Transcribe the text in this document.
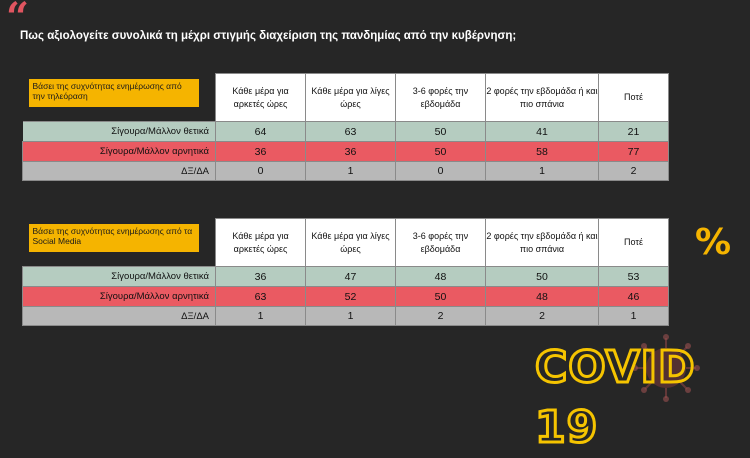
“
Πως αξιολογείτε συνολικά τη μέχρι στιγμής διαχείριση της πανδημίας από την κυβέρνηση;
Βάσει της συχνότητας ενημέρωσης από την τηλεόραση	Κάθε μέρα για αρκετές ώρες	Κάθε μέρα για λίγες ώρες	3-6 φορές την εβδομάδα	2 φορές την εβδομάδα ή και πιο σπάνια	Ποτέ
Σίγουρα/Μάλλον θετικά	64	63	50	41	21
Σίγουρα/Μάλλον αρνητικά	36	36	50	58	77
ΔΞ/ΔΑ	0	1	0	1	2
Βάσει της συχνότητας ενημέρωσης από τα Social Media	Κάθε μέρα για αρκετές ώρες	Κάθε μέρα για λίγες ώρες	3-6 φορές την εβδομάδα	2 φορές την εβδομάδα ή και πιο σπάνια	Ποτέ
Σίγουρα/Μάλλον θετικά	36	47	48	50	53
Σίγουρα/Μάλλον αρνητικά	63	52	50	48	46
ΔΞ/ΔΑ	1	1	2	2	1
%
COVID 19
